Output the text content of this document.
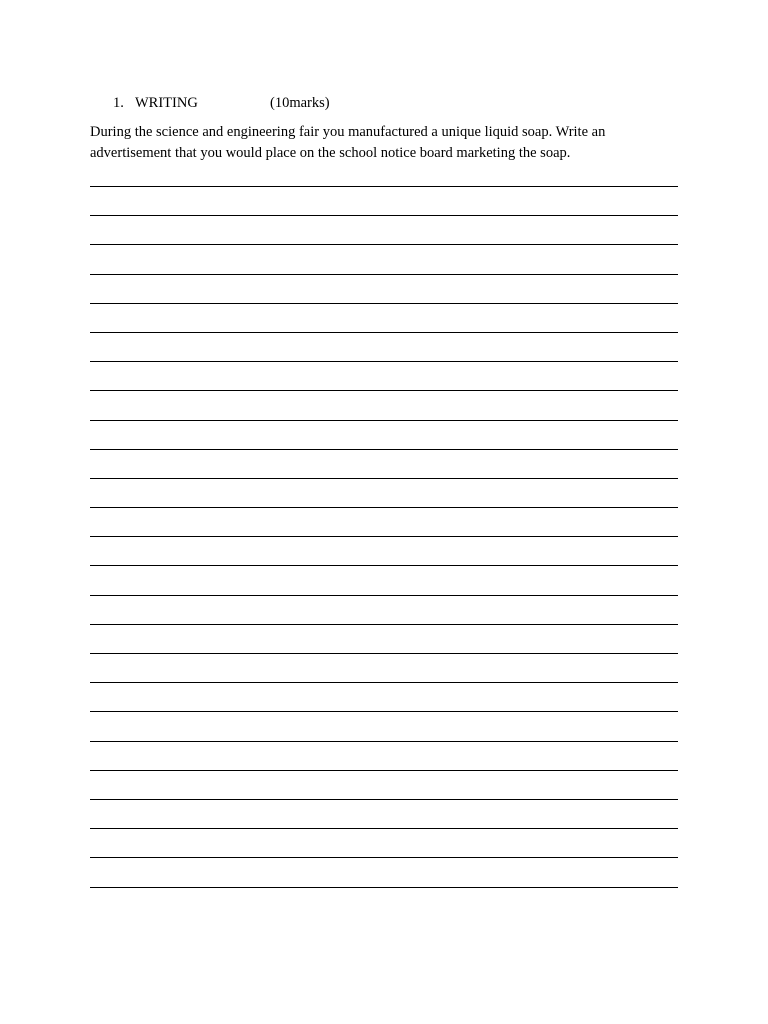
1. WRITING	(10marks)
During the science and engineering fair you manufactured a unique liquid soap. Write an advertisement that you would place on the school notice board marketing the soap.
